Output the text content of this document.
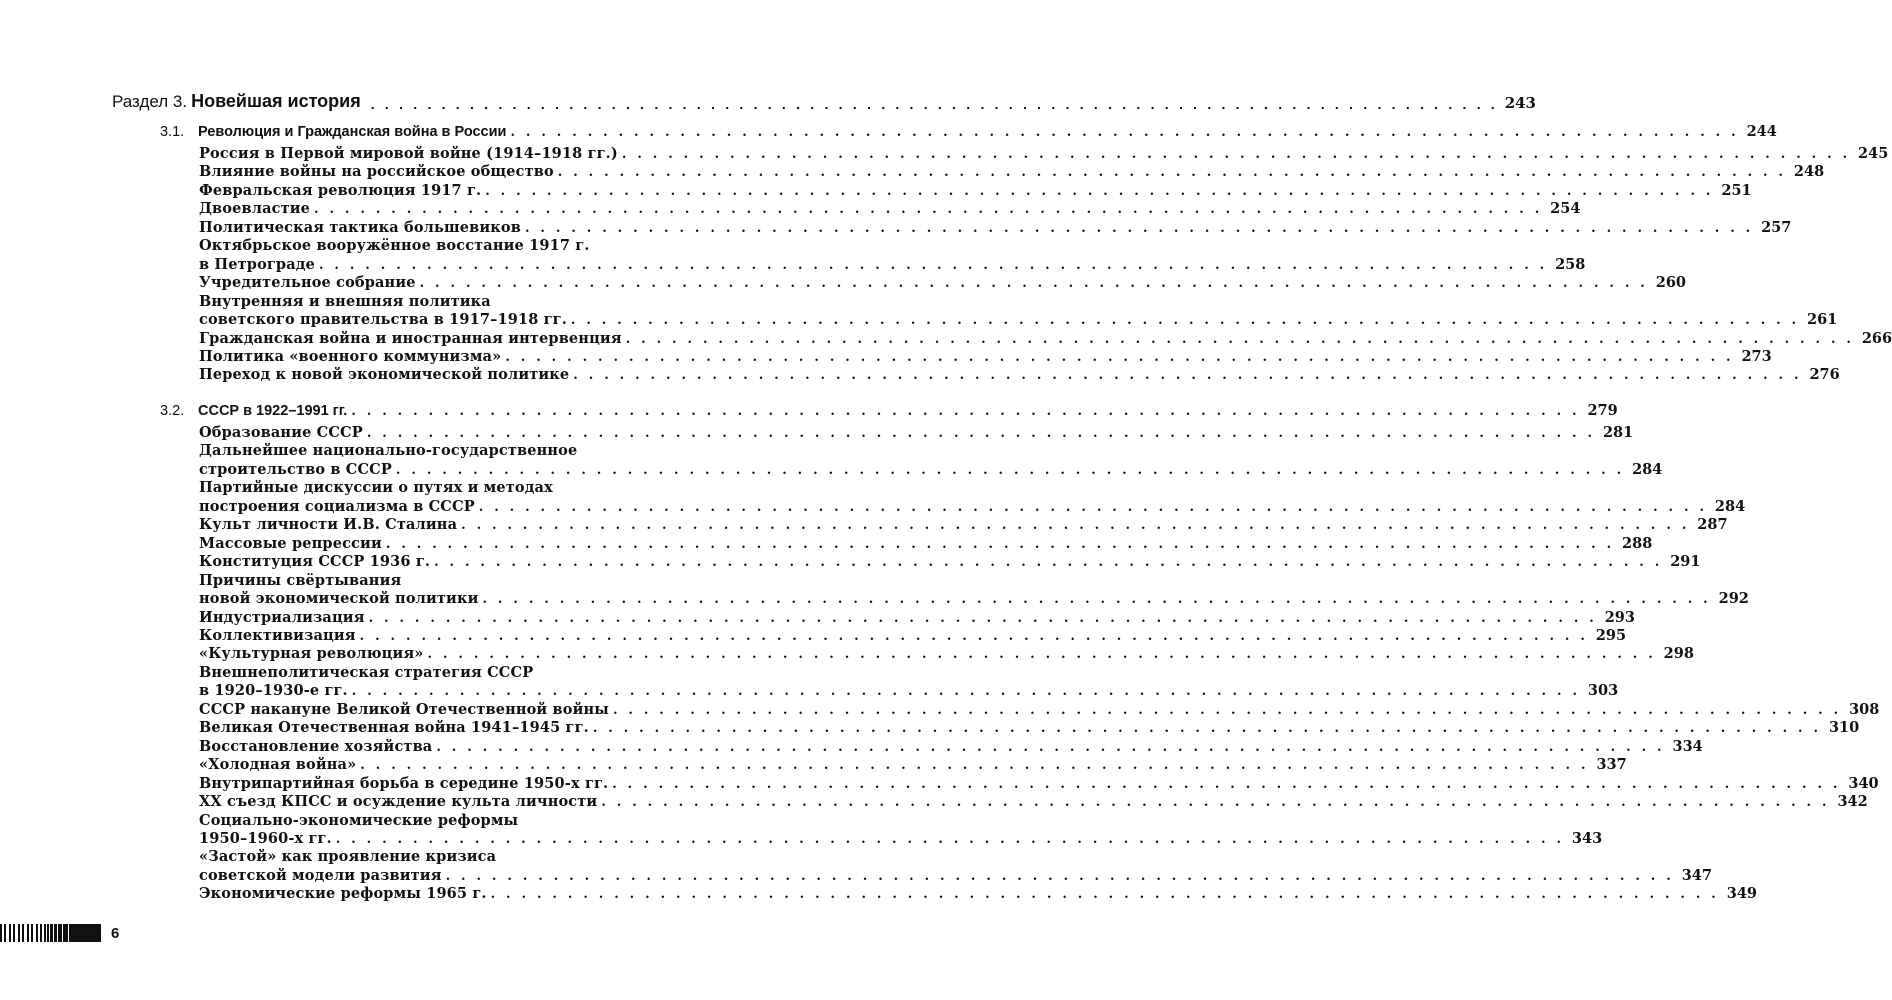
Раздел 3. Новейшая история . . . . . . . . . . . . . . . . . . . . . . . . . . . . . . . . . . . . . . . . . . . . . . . . . . . . . . . . . . . . . . . . . . . . . . . . . . . . . . . . 243
3.1. Революция и Гражданская война в России . . . . . . . . . . . . . . . . . . . . . . . . . . . . . . . . . . . . . . . . . . . . . . . . . . . . . . . . . . . . . . . . . . . . . . . . . . . . . . . . 244
Россия в Первой мировой войне (1914–1918 гг.) . . . . . . . . . . . . . . . . . . . . . . . . . . . . . . . . . . . . . . . . . . . . . . . . . . . . . . . . . . . . . . . . . . . . . . . . . . . . . . . . 245
Влияние войны на российское общество . . . . . . . . . . . . . . . . . . . . . . . . . . . . . . . . . . . . . . . . . . . . . . . . . . . . . . . . . . . . . . . . . . . . . . . . . . . . . . . . 248
Февральская революция 1917 г. . . . . . . . . . . . . . . . . . . . . . . . . . . . . . . . . . . . . . . . . . . . . . . . . . . . . . . . . . . . . . . . . . . . . . . . . . . . . . . . . 251
Двоевластие . . . . . . . . . . . . . . . . . . . . . . . . . . . . . . . . . . . . . . . . . . . . . . . . . . . . . . . . . . . . . . . . . . . . . . . . . . . . . . . . 254
Политическая тактика большевиков . . . . . . . . . . . . . . . . . . . . . . . . . . . . . . . . . . . . . . . . . . . . . . . . . . . . . . . . . . . . . . . . . . . . . . . . . . . . . . . . 257
Октябрьское вооружённое восстание 1917 г.
в Петрограде . . . . . . . . . . . . . . . . . . . . . . . . . . . . . . . . . . . . . . . . . . . . . . . . . . . . . . . . . . . . . . . . . . . . . . . . . . . . . . . . 258
Учредительное собрание . . . . . . . . . . . . . . . . . . . . . . . . . . . . . . . . . . . . . . . . . . . . . . . . . . . . . . . . . . . . . . . . . . . . . . . . . . . . . . . . 260
Внутренняя и внешняя политика
советского правительства в 1917–1918 гг. . . . . . . . . . . . . . . . . . . . . . . . . . . . . . . . . . . . . . . . . . . . . . . . . . . . . . . . . . . . . . . . . . . . . . . . . . . . . . . . . 261
Гражданская война и иностранная интервенция . . . . . . . . . . . . . . . . . . . . . . . . . . . . . . . . . . . . . . . . . . . . . . . . . . . . . . . . . . . . . . . . . . . . . . . . . . . . . . . . 266
Политика «военного коммунизма» . . . . . . . . . . . . . . . . . . . . . . . . . . . . . . . . . . . . . . . . . . . . . . . . . . . . . . . . . . . . . . . . . . . . . . . . . . . . . . . . 273
Переход к новой экономической политике . . . . . . . . . . . . . . . . . . . . . . . . . . . . . . . . . . . . . . . . . . . . . . . . . . . . . . . . . . . . . . . . . . . . . . . . . . . . . . . . 276
3.2. СССР в 1922–1991 гг. . . . . . . . . . . . . . . . . . . . . . . . . . . . . . . . . . . . . . . . . . . . . . . . . . . . . . . . . . . . . . . . . . . . . . . . . . . . . . . . . 279
Образование СССР . . . . . . . . . . . . . . . . . . . . . . . . . . . . . . . . . . . . . . . . . . . . . . . . . . . . . . . . . . . . . . . . . . . . . . . . . . . . . . . . 281
Дальнейшее национально-государственное
строительство в СССР . . . . . . . . . . . . . . . . . . . . . . . . . . . . . . . . . . . . . . . . . . . . . . . . . . . . . . . . . . . . . . . . . . . . . . . . . . . . . . . . 284
Партийные дискуссии о путях и методах
построения социализма в СССР . . . . . . . . . . . . . . . . . . . . . . . . . . . . . . . . . . . . . . . . . . . . . . . . . . . . . . . . . . . . . . . . . . . . . . . . . . . . . . . . 284
Культ личности И.В. Сталина . . . . . . . . . . . . . . . . . . . . . . . . . . . . . . . . . . . . . . . . . . . . . . . . . . . . . . . . . . . . . . . . . . . . . . . . . . . . . . . . 287
Массовые репрессии . . . . . . . . . . . . . . . . . . . . . . . . . . . . . . . . . . . . . . . . . . . . . . . . . . . . . . . . . . . . . . . . . . . . . . . . . . . . . . . . 288
Конституция СССР 1936 г. . . . . . . . . . . . . . . . . . . . . . . . . . . . . . . . . . . . . . . . . . . . . . . . . . . . . . . . . . . . . . . . . . . . . . . . . . . . . . . . . 291
Причины свёртывания
новой экономической политики . . . . . . . . . . . . . . . . . . . . . . . . . . . . . . . . . . . . . . . . . . . . . . . . . . . . . . . . . . . . . . . . . . . . . . . . . . . . . . . . 292
Индустриализация . . . . . . . . . . . . . . . . . . . . . . . . . . . . . . . . . . . . . . . . . . . . . . . . . . . . . . . . . . . . . . . . . . . . . . . . . . . . . . . . 293
Коллективизация . . . . . . . . . . . . . . . . . . . . . . . . . . . . . . . . . . . . . . . . . . . . . . . . . . . . . . . . . . . . . . . . . . . . . . . . . . . . . . . . 295
«Культурная революция» . . . . . . . . . . . . . . . . . . . . . . . . . . . . . . . . . . . . . . . . . . . . . . . . . . . . . . . . . . . . . . . . . . . . . . . . . . . . . . . . 298
Внешнеполитическая стратегия СССР
в 1920–1930-е гг. . . . . . . . . . . . . . . . . . . . . . . . . . . . . . . . . . . . . . . . . . . . . . . . . . . . . . . . . . . . . . . . . . . . . . . . . . . . . . . . . 303
СССР накануне Великой Отечественной войны . . . . . . . . . . . . . . . . . . . . . . . . . . . . . . . . . . . . . . . . . . . . . . . . . . . . . . . . . . . . . . . . . . . . . . . . . . . . . . . . 308
Великая Отечественная война 1941–1945 гг. . . . . . . . . . . . . . . . . . . . . . . . . . . . . . . . . . . . . . . . . . . . . . . . . . . . . . . . . . . . . . . . . . . . . . . . . . . . . . . . . 310
Восстановление хозяйства . . . . . . . . . . . . . . . . . . . . . . . . . . . . . . . . . . . . . . . . . . . . . . . . . . . . . . . . . . . . . . . . . . . . . . . . . . . . . . . . 334
«Холодная война» . . . . . . . . . . . . . . . . . . . . . . . . . . . . . . . . . . . . . . . . . . . . . . . . . . . . . . . . . . . . . . . . . . . . . . . . . . . . . . . . 337
Внутрипартийная борьба в середине 1950-х гг. . . . . . . . . . . . . . . . . . . . . . . . . . . . . . . . . . . . . . . . . . . . . . . . . . . . . . . . . . . . . . . . . . . . . . . . . . . . . . . . . 340
XX съезд КПСС и осуждение культа личности . . . . . . . . . . . . . . . . . . . . . . . . . . . . . . . . . . . . . . . . . . . . . . . . . . . . . . . . . . . . . . . . . . . . . . . . . . . . . . . . 342
Социально-экономические реформы
1950–1960-х гг. . . . . . . . . . . . . . . . . . . . . . . . . . . . . . . . . . . . . . . . . . . . . . . . . . . . . . . . . . . . . . . . . . . . . . . . . . . . . . . . . 343
«Застой» как проявление кризиса
советской модели развития . . . . . . . . . . . . . . . . . . . . . . . . . . . . . . . . . . . . . . . . . . . . . . . . . . . . . . . . . . . . . . . . . . . . . . . . . . . . . . . . 347
Экономические реформы 1965 г. . . . . . . . . . . . . . . . . . . . . . . . . . . . . . . . . . . . . . . . . . . . . . . . . . . . . . . . . . . . . . . . . . . . . . . . . . . . . . . . . 349
6
